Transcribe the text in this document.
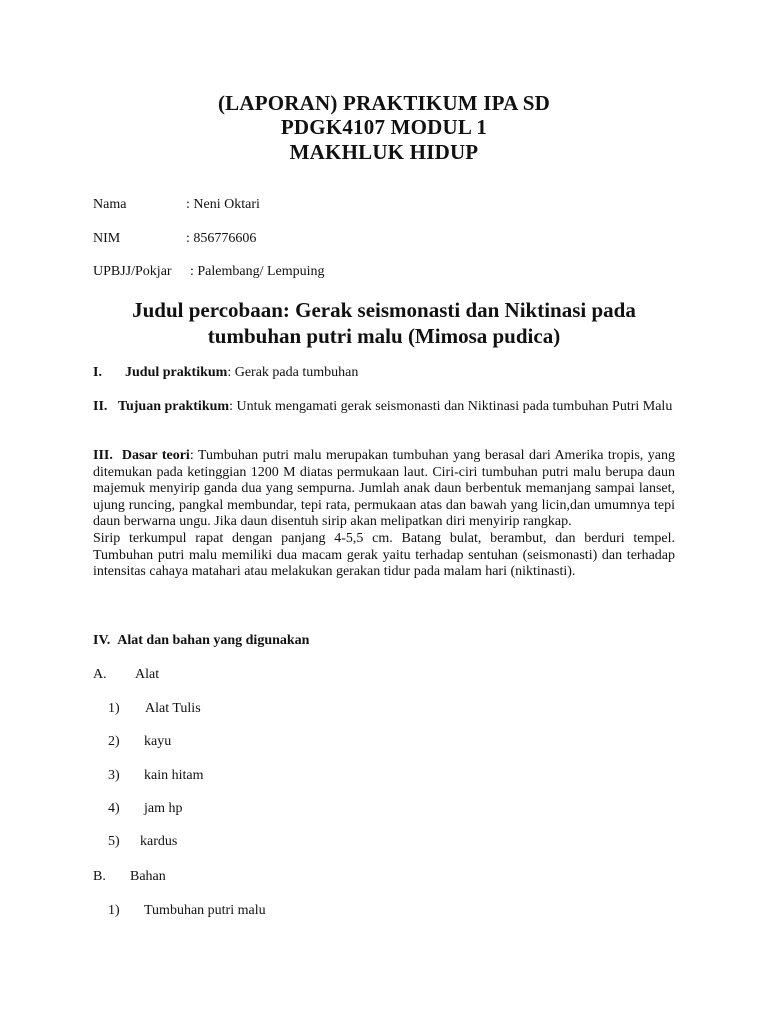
(LAPORAN) PRAKTIKUM IPA SD
PDGK4107 MODUL 1
MAKHLUK HIDUP
Nama	: Neni Oktari
NIM	: 856776606
UPBJJ/Pokjar : Palembang/ Lempuing
Judul percobaan: Gerak seismonasti dan Niktinasi pada
tumbuhan putri malu (Mimosa pudica)
I. Judul praktikum: Gerak pada tumbuhan
II. Tujuan praktikum: Untuk mengamati gerak seismonasti dan Niktinasi pada tumbuhan Putri Malu
III. Dasar teori: Tumbuhan putri malu merupakan tumbuhan yang berasal dari Amerika tropis, yang ditemukan pada ketinggian 1200 M diatas permukaan laut. Ciri-ciri tumbuhan putri malu berupa daun majemuk menyirip ganda dua yang sempurna. Jumlah anak daun berbentuk memanjang sampai lanset, ujung runcing, pangkal membundar, tepi rata, permukaan atas dan bawah yang licin,dan umumnya tepi daun berwarna ungu. Jika daun disentuh sirip akan melipatkan diri menyirip rangkap.
Sirip terkumpul rapat dengan panjang 4-5,5 cm. Batang bulat, berambut, dan berduri tempel. Tumbuhan putri malu memiliki dua macam gerak yaitu terhadap sentuhan (seismonasti) dan terhadap intensitas cahaya matahari atau melakukan gerakan tidur pada malam hari (niktinasti).
IV. Alat dan bahan yang digunakan
A. Alat
1) Alat Tulis
2) kayu
3) kain hitam
4) jam hp
5) kardus
B. Bahan
1) Tumbuhan putri malu
